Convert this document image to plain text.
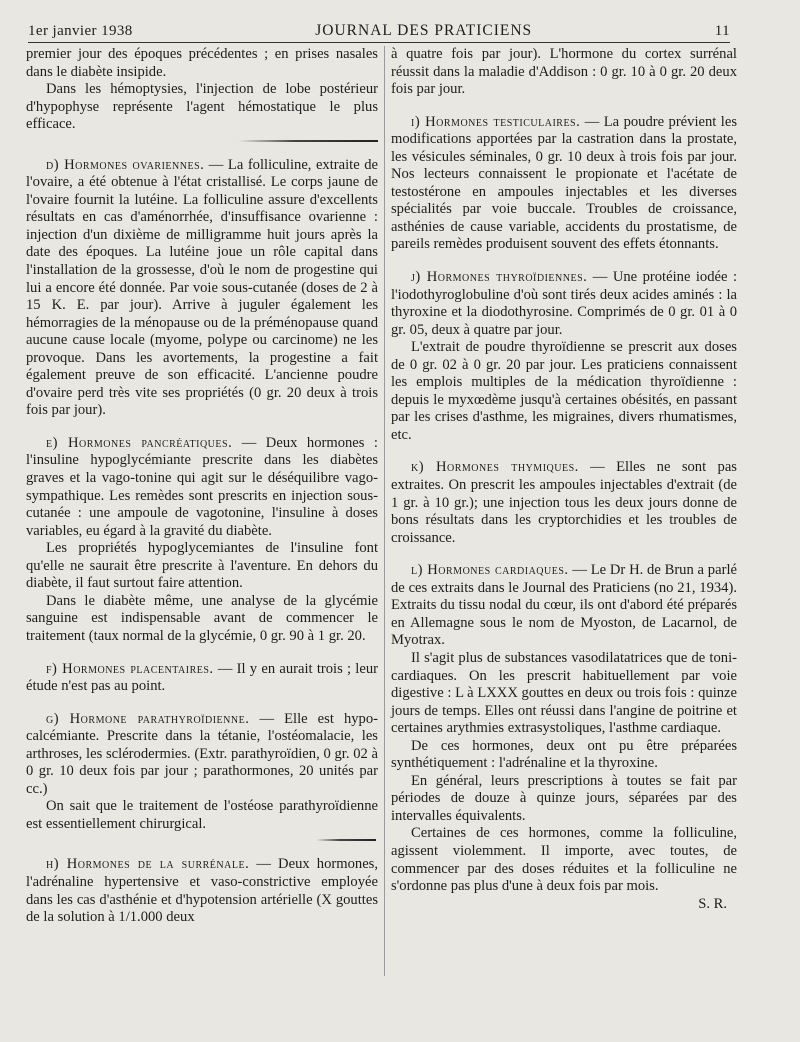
1er janvier 1938	JOURNAL DES PRATICIENS	11

premier jour des époques précédentes ; en prises nasales dans le diabète insipide.

Dans les hémoptysies, l'injection de lobe postérieur d'hypophyse représente l'agent hémostatique le plus efficace.

d) Hormones ovariennes. — La folliculine, extraite de l'ovaire, a été obtenue à l'état cristallisé. Le corps jaune de l'ovaire fournit la lutéine. La folliculine assure d'excellents résultats en cas d'aménorrhée, d'insuffisance ovarienne : injection d'un dixième de milligramme huit jours après la date des époques. La lutéine joue un rôle capital dans l'installation de la grossesse, d'où le nom de progestine qui lui a encore été donnée. Par voie sous-cutanée (doses de 2 à 15 K. E. par jour). Arrive à juguler également les hémorragies de la ménopause ou de la préménopause quand aucune cause locale (myome, polype ou carcinome) ne les provoque. Dans les avortements, la progestine a fait également preuve de son efficacité. L'ancienne poudre d'ovaire perd très vite ses propriétés (0 gr. 20 deux à trois fois par jour).

e) Hormones pancréatiques. — Deux hormones : l'insuline hypoglycémiante prescrite dans les diabètes graves et la vago-tonine qui agit sur le déséquilibre vago-sympathique. Les remèdes sont prescrits en injection sous-cutanée : une ampoule de vagotonine, l'insuline à doses variables, eu égard à la gravité du diabète.

Les propriétés hypoglycemiantes de l'insuline font qu'elle ne saurait être prescrite à l'aventure. En dehors du diabète, il faut surtout faire attention.

Dans le diabète même, une analyse de la glycémie sanguine est indispensable avant de commencer le traitement (taux normal de la glycémie, 0 gr. 90 à 1 gr. 20.

f) Hormones placentaires. — Il y en aurait trois ; leur étude n'est pas au point.

g) Hormone parathyroïdienne. — Elle est hypo-calcémiante. Prescrite dans la tétanie, l'ostéomalacie, les arthroses, les sclérodermies. (Extr. parathyroïdien, 0 gr. 02 à 0 gr. 10 deux fois par jour ; parathormones, 20 unités par cc.)

On sait que le traitement de l'ostéose parathyroïdienne est essentiellement chirurgical.

h) Hormones de la surrénale. — Deux hormones, l'adrénaline hypertensive et vaso-constrictive employée dans les cas d'asthénie et d'hypotension artérielle (X gouttes de la solution à 1/1.000 deux

à quatre fois par jour). L'hormone du cortex surrénal réussit dans la maladie d'Addison : 0 gr. 10 à 0 gr. 20 deux fois par jour.

i) Hormones testiculaires. — La poudre prévient les modifications apportées par la castration dans la prostate, les vésicules séminales, 0 gr. 10 deux à trois fois par jour. Nos lecteurs connaissent le propionate et l'acétate de testostérone en ampoules injectables et les diverses spécialités par voie buccale. Troubles de croissance, asthénies de cause variable, accidents du prostatisme, de pareils remèdes produisent souvent des effets étonnants.

j) Hormones thyroïdiennes. — Une protéine iodée : l'iodothyroglobuline d'où sont tirés deux acides aminés : la thyroxine et la diodothyrosine. Comprimés de 0 gr. 01 à 0 gr. 05, deux à quatre par jour.

L'extrait de poudre thyroïdienne se prescrit aux doses de 0 gr. 02 à 0 gr. 20 par jour. Les praticiens connaissent les emplois multiples de la médication thyroïdienne : depuis le myxœdème jusqu'à certaines obésités, en passant par les crises d'asthme, les migraines, divers rhumatismes, etc.

k) Hormones thymiques. — Elles ne sont pas extraites. On prescrit les ampoules injectables d'extrait (de 1 gr. à 10 gr.); une injection tous les deux jours donne de bons résultats dans les cryptorchidies et les troubles de croissance.

l) Hormones cardiaques. — Le Dr H. de Brun a parlé de ces extraits dans le Journal des Praticiens (no 21, 1934). Extraits du tissu nodal du cœur, ils ont d'abord été préparés en Allemagne sous le nom de Myoston, de Lacarnol, de Myotrax.

Il s'agit plus de substances vasodilatatrices que de toni-cardiaques. On les prescrit habituellement par voie digestive : L à LXXX gouttes en deux ou trois fois : quinze jours de temps. Elles ont réussi dans l'angine de poitrine et certaines arythmies extrasystoliques, l'asthme cardiaque.

De ces hormones, deux ont pu être préparées synthétiquement : l'adrénaline et la thyroxine.

En général, leurs prescriptions à toutes se fait par périodes de douze à quinze jours, séparées par des intervalles équivalents.

Certaines de ces hormones, comme la folliculine, agissent violemment. Il importe, avec toutes, de commencer par des doses réduites et la folliculine ne s'ordonne pas plus d'une à deux fois par mois.

S. R.
